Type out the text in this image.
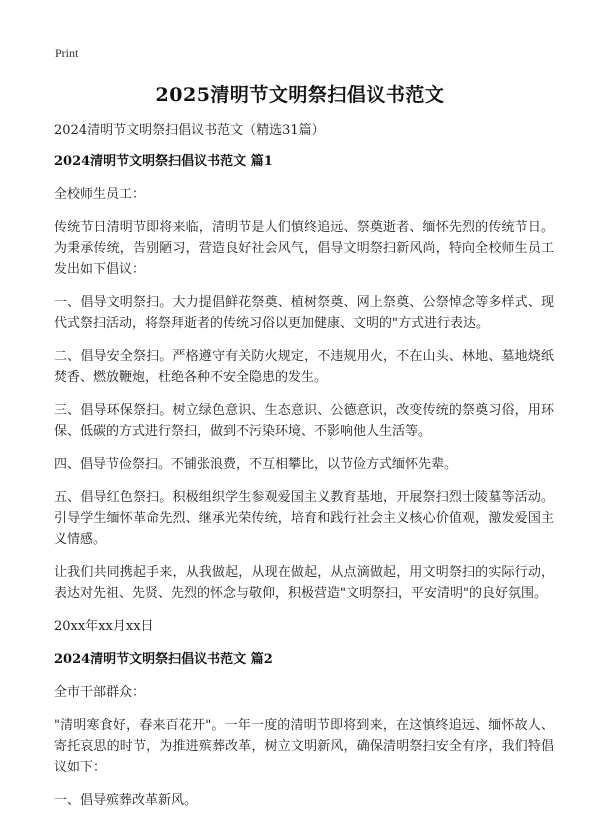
Print
2025清明节文明祭扫倡议书范文

2024清明节文明祭扫倡议书范文（精选31篇）

2024清明节文明祭扫倡议书范文 篇1

全校师生员工：

传统节日清明节即将来临，清明节是人们慎终追远、祭奠逝者、缅怀先烈的传统节日。为秉承传统，告别陋习，营造良好社会风气，倡导文明祭扫新风尚，特向全校师生员工发出如下倡议：

一、倡导文明祭扫。大力提倡鲜花祭奠、植树祭奠、网上祭奠、公祭悼念等多样式、现代式祭扫活动，将祭拜逝者的传统习俗以更加健康、文明的"方式进行表达。

二、倡导安全祭扫。严格遵守有关防火规定，不违规用火，不在山头、林地、墓地烧纸焚香、燃放鞭炮，杜绝各种不安全隐患的发生。

三、倡导环保祭扫。树立绿色意识、生态意识、公德意识，改变传统的祭奠习俗，用环保、低碳的方式进行祭扫，做到不污染环境、不影响他人生活等。

四、倡导节俭祭扫。不铺张浪费，不互相攀比，以节俭方式缅怀先辈。

五、倡导红色祭扫。积极组织学生参观爱国主义教育基地，开展祭扫烈士陵墓等活动。引导学生缅怀革命先烈、继承光荣传统，培育和践行社会主义核心价值观，激发爱国主义情感。

让我们共同携起手来，从我做起，从现在做起，从点滴做起，用文明祭扫的实际行动，表达对先祖、先贤、先烈的怀念与敬仰，积极营造"文明祭扫，平安清明"的良好氛围。

20xx年xx月xx日

2024清明节文明祭扫倡议书范文 篇2

全市干部群众：

"清明寒食好，春来百花开"。一年一度的清明节即将到来，在这慎终追远、缅怀故人、寄托哀思的时节，为推进殡葬改革，树立文明新风，确保清明祭扫安全有序，我们特倡议如下：

一、倡导殡葬改革新风。
